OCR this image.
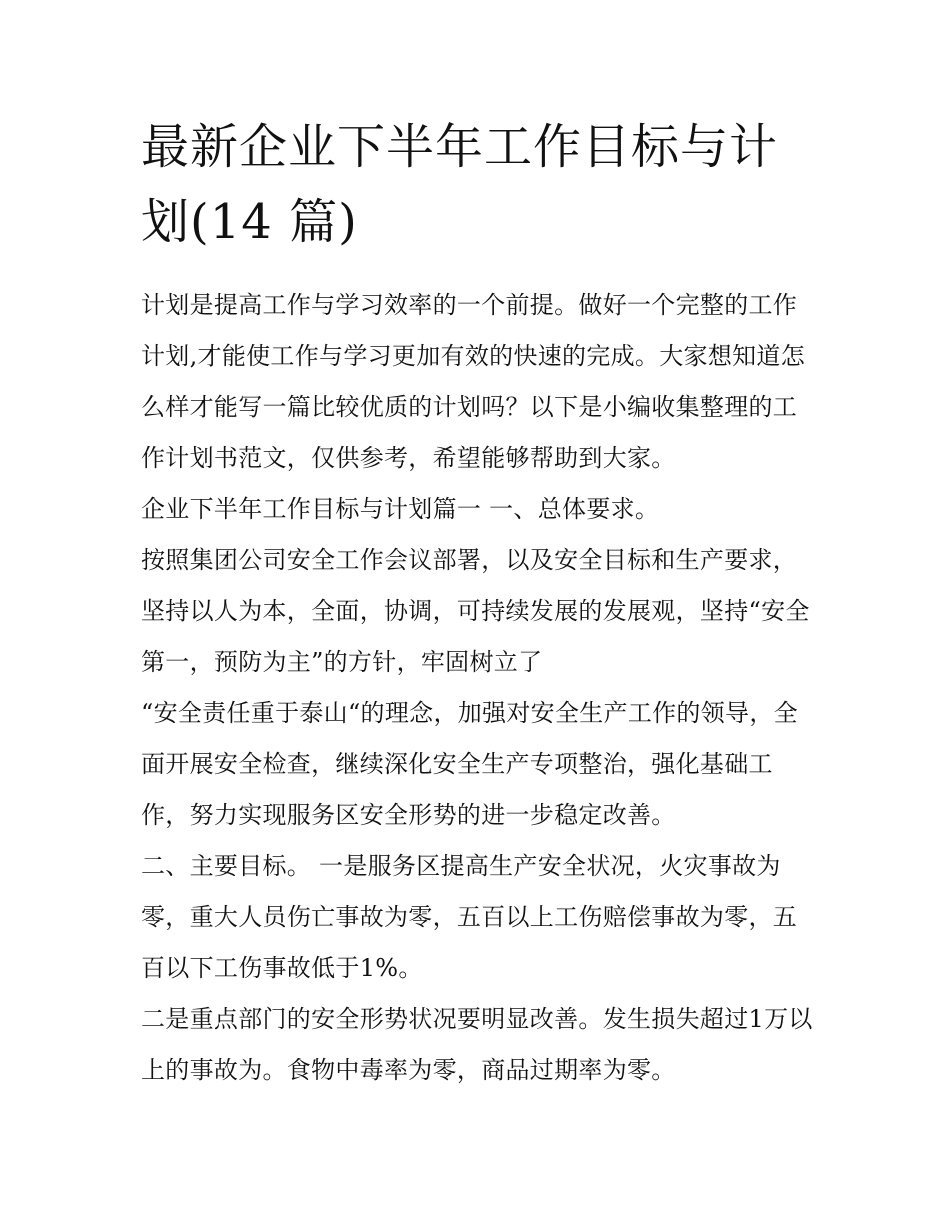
最新企业下半年工作目标与计
划(14 篇)

计划是提高工作与学习效率的一个前提。做好一个完整的工作计划,才能使工作与学习更加有效的快速的完成。大家想知道怎么样才能写一篇比较优质的计划吗？以下是小编收集整理的工作计划书范文，仅供参考，希望能够帮助到大家。

企业下半年工作目标与计划篇一 一、总体要求。

按照集团公司安全工作会议部署，以及安全目标和生产要求，坚持以人为本，全面，协调，可持续发展的发展观，坚持“安全第一，预防为主”的方针，牢固树立了

“安全责任重于泰山“的理念，加强对安全生产工作的领导，全面开展安全检查，继续深化安全生产专项整治，强化基础工作，努力实现服务区安全形势的进一步稳定改善。

二、主要目标。 一是服务区提高生产安全状况，火灾事故为零，重大人员伤亡事故为零，五百以上工伤赔偿事故为零，五百以下工伤事故低于1%。

二是重点部门的安全形势状况要明显改善。发生损失超过1万以上的事故为。食物中毒率为零，商品过期率为零。
